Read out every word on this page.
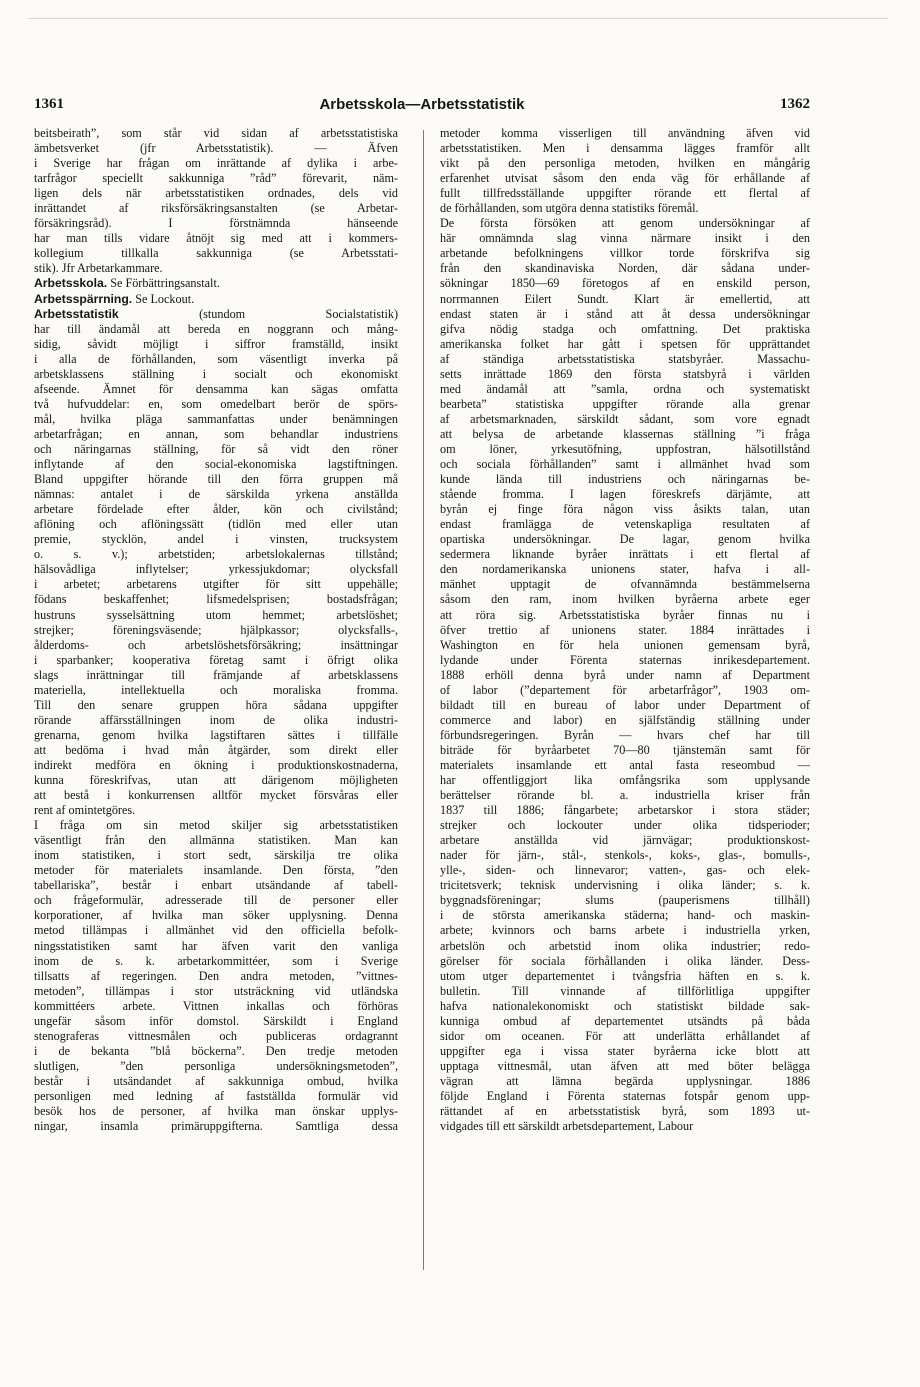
1361	Arbetsskola—Arbetsstatistik	1362
beitsbeirath”, som står vid sidan af arbetsstatistiska
ämbetsverket (jfr Arbetsstatistik). — Äfven
i Sverige har frågan om inrättande af dylika i arbe-
tarfrågor speciellt sakkunniga ”råd” förevarit, näm-
ligen dels när arbetsstatistiken ordnades, dels vid
inrättandet af riksförsäkringsanstalten (se Arbetar-
försäkringsråd). I förstnämnda hänseende
har man tills vidare åtnöjt sig med att i kommers-
kollegium tillkalla sakkunniga (se Arbetsstati-
stik). Jfr Arbetarkammare.
Arbetsskola. Se Förbättringsanstalt.
Arbetsspärrning. Se Lockout.
Arbetsstatistik (stundom Socialstatistik)
har till ändamål att bereda en noggrann och mång-
sidig, såvidt möjligt i siffror framställd, insikt
i alla de förhållanden, som väsentligt inverka på
arbetsklassens ställning i socialt och ekonomiskt
afseende. Ämnet för densamma kan sägas omfatta
två hufvuddelar: en, som omedelbart berör de spörs-
mål, hvilka pläga sammanfattas under benämningen
arbetarfrågan; en annan, som behandlar industriens
och näringarnas ställning, för så vidt den röner
inflytande af den social-ekonomiska lagstiftningen.
Bland uppgifter hörande till den förra gruppen må
nämnas: antalet i de särskilda yrkena anställda
arbetare fördelade efter ålder, kön och civilstånd;
aflöning och aflöningssätt (tidlön med eller utan
premie, stycklön, andel i vinsten, trucksystem
o. s. v.); arbetstiden; arbetslokalernas tillstånd;
hälsovådliga inflytelser; yrkessjukdomar; olycksfall
i arbetet; arbetarens utgifter för sitt uppehälle;
födans beskaffenhet; lifsmedelsprisen; bostadsfrågan;
hustruns sysselsättning utom hemmet; arbetslöshet;
strejker; föreningsväsende; hjälpkassor; olycksfalls-,
ålderdoms- och arbetslöshetsförsäkring; insättningar
i sparbanker; kooperativa företag samt i öfrigt olika
slags inrättningar till främjande af arbetsklassens
materiella, intellektuella och moraliska fromma.
Till den senare gruppen höra sådana uppgifter
rörande affärsställningen inom de olika industri-
grenarna, genom hvilka lagstiftaren sättes i tillfälle
att bedöma i hvad mån åtgärder, som direkt eller
indirekt medföra en ökning i produktionskostnaderna,
kunna föreskrifvas, utan att därigenom möjligheten
att bestå i konkurrensen alltför mycket försvåras eller
rent af omintetgöres.
I fråga om sin metod skiljer sig arbetsstatistiken
väsentligt från den allmänna statistiken. Man kan
inom statistiken, i stort sedt, särskilja tre olika
metoder för materialets insamlande. Den första, ”den
tabellariska”, består i enbart utsändande af tabell-
och frågeformulär, adresserade till de personer eller
korporationer, af hvilka man söker upplysning. Denna
metod tillämpas i allmänhet vid den officiella befolk-
ningsstatistiken samt har äfven varit den vanliga
inom de s. k. arbetarkommittéer, som i Sverige
tillsatts af regeringen. Den andra metoden, ”vittnes-
metoden”, tillämpas i stor utsträckning vid utländska
kommittéers arbete. Vittnen inkallas och förhöras
ungefär såsom inför domstol. Särskildt i England
stenograferas vittnesmålen och publiceras ordagrannt
i de bekanta ”blå böckerna”. Den tredje metoden
slutligen, ”den personliga undersökningsmetoden”,
består i utsändandet af sakkunniga ombud, hvilka
personligen med ledning af fastställda formulär vid
besök hos de personer, af hvilka man önskar upplys-
ningar, insamla primäruppgifterna. Samtliga dessa
metoder komma visserligen till användning äfven vid
arbetsstatistiken. Men i densamma lägges framför allt
vikt på den personliga metoden, hvilken en mångårig
erfarenhet utvisat såsom den enda väg för erhållande af
fullt tillfredsställande uppgifter rörande ett flertal af
de förhållanden, som utgöra denna statistiks föremål.
De första försöken att genom undersökningar af
här omnämnda slag vinna närmare insikt i den
arbetande befolkningens villkor torde förskrifva sig
från den skandinaviska Norden, där sådana under-
sökningar 1850—69 företogos af en enskild person,
norrmannen Eilert Sundt. Klart är emellertid, att
endast staten är i stånd att åt dessa undersökningar
gifva nödig stadga och omfattning. Det praktiska
amerikanska folket har gått i spetsen för upprättandet
af ständiga arbetsstatistiska statsbyråer. Massachu-
setts inrättade 1869 den första statsbyrå i världen
med ändamål att ”samla, ordna och systematiskt
bearbeta” statistiska uppgifter rörande alla grenar
af arbetsmarknaden, särskildt sådant, som vore egnadt
att belysa de arbetande klassernas ställning ”i fråga
om löner, yrkesutöfning, uppfostran, hälsotillstånd
och sociala förhållanden” samt i allmänhet hvad som
kunde lända till industriens och näringarnas be-
stående fromma. I lagen föreskrefs därjämte, att
byrån ej finge föra någon viss åsikts talan, utan
endast framlägga de vetenskapliga resultaten af
opartiska undersökningar. De lagar, genom hvilka
sedermera liknande byråer inrättats i ett flertal af
den nordamerikanska unionens stater, hafva i all-
mänhet upptagit de ofvannämnda bestämmelserna
såsom den ram, inom hvilken byråerna arbete eger
att röra sig. Arbetsstatistiska byråer finnas nu i
öfver trettio af unionens stater. 1884 inrättades i
Washington en för hela unionen gemensam byrå,
lydande under Förenta staternas inrikesdepartement.
1888 erhöll denna byrå under namn af Department
of labor (”departement för arbetarfrågor”, 1903 om-
bildadt till en bureau of labor under Department of
commerce and labor) en själfständig ställning under
förbundsregeringen. Byrån — hvars chef har till
biträde för byråarbetet 70—80 tjänstemän samt för
materialets insamlande ett antal fasta reseombud —
har offentliggjort lika omfångsrika som upplysande
berättelser rörande bl. a. industriella kriser från
1837 till 1886; fångarbete; arbetarskor i stora städer;
strejker och lockouter under olika tidsperioder;
arbetare anställda vid järnvägar; produktionskost-
nader för järn-, stål-, stenkols-, koks-, glas-, bomulls-,
ylle-, siden- och linnevaror; vatten-, gas- och elek-
tricitetsverk; teknisk undervisning i olika länder; s. k.
byggnadsföreningar; slums (pauperismens tillhåll)
i de största amerikanska städerna; hand- och maskin-
arbete; kvinnors och barns arbete i industriella yrken,
arbetslön och arbetstid inom olika industrier; redo-
görelser för sociala förhållanden i olika länder. Dess-
utom utger departementet i tvångsfria häften en s. k.
bulletin. Till vinnande af tillförlitliga uppgifter
hafva nationalekonomiskt och statistiskt bildade sak-
kunniga ombud af departementet utsändts på båda
sidor om oceanen. För att underlätta erhållandet af
uppgifter ega i vissa stater byråerna icke blott att
upptaga vittnesmål, utan äfven att med böter belägga
vägran att lämna begärda upplysningar. 1886
följde England i Förenta staternas fotspår genom upp-
rättandet af en arbetsstatistisk byrå, som 1893 ut-
vidgades till ett särskildt arbetsdepartement, Labour
